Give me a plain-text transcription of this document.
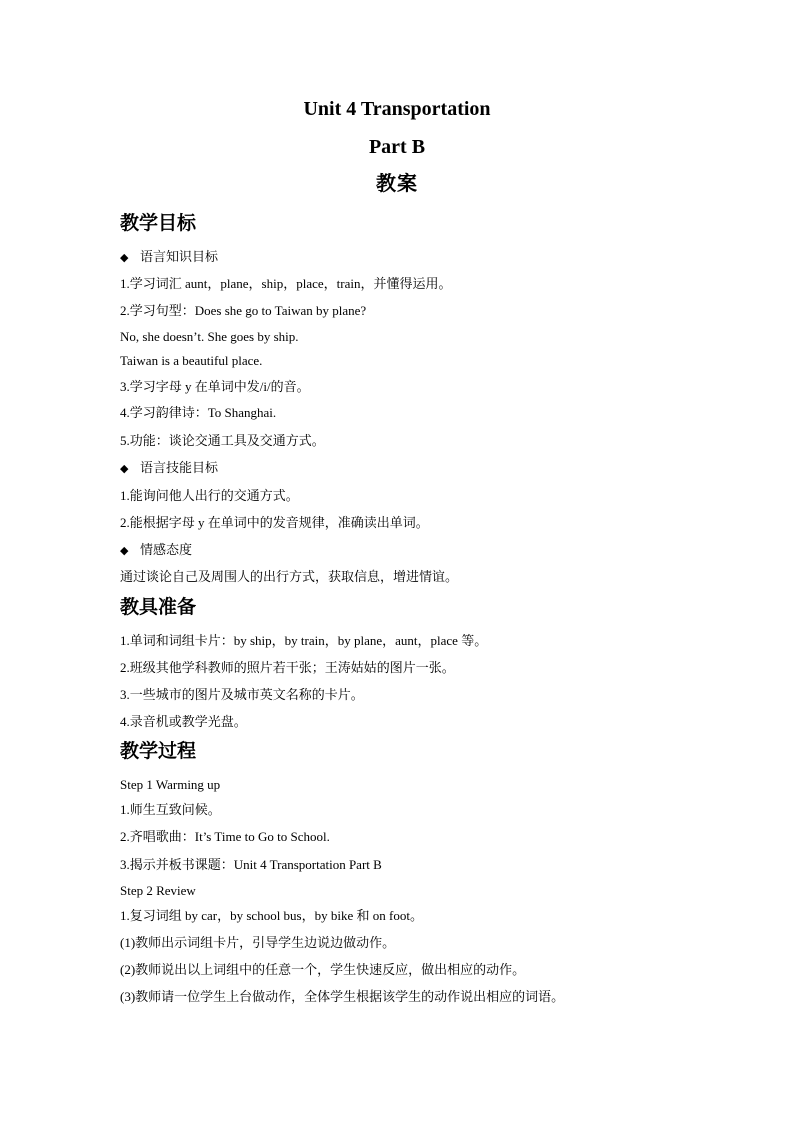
Unit 4 Transportation
Part B
教案
教学目标
◆ 语言知识目标
1.学习词汇 aunt，plane，ship，place，train，并懂得运用。
2.学习句型：Does she go to Taiwan by plane?
No, she doesn’t. She goes by ship.
Taiwan is a beautiful place.
3.学习字母 y 在单词中发/i/的音。
4.学习韵律诗：To Shanghai.
5.功能：谈论交通工具及交通方式。
◆ 语言技能目标
1.能询问他人出行的交通方式。
2.能根据字母 y 在单词中的发音规律，准确读出单词。
◆ 情感态度
通过谈论自己及周围人的出行方式，获取信息，增进情谊。
教具准备
1.单词和词组卡片：by ship，by train，by plane，aunt，place 等。
2.班级其他学科教师的照片若干张；王涛姑姑的图片一张。
3.一些城市的图片及城市英文名称的卡片。
4.录音机或教学光盘。
教学过程
Step 1 Warming up
1.师生互致问候。
2.齐唱歌曲：It’s Time to Go to School.
3.揭示并板书课题：Unit 4 Transportation Part B
Step 2 Review
1.复习词组 by car，by school bus，by bike 和 on foot。
(1)教师出示词组卡片，引导学生边说边做动作。
(2)教师说出以上词组中的任意一个，学生快速反应，做出相应的动作。
(3)教师请一位学生上台做动作，全体学生根据该学生的动作说出相应的词语。
